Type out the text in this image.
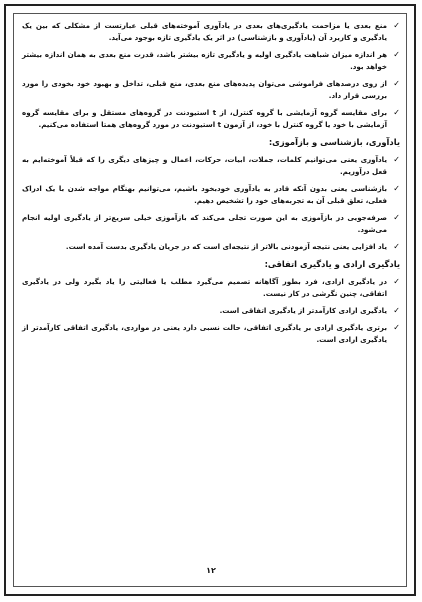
✓
منع بعدی یا مزاحمت یادگیری‌های بعدی در یادآوری آموخته‌های قبلی عبارتست از مشکلی که بین یک یادگیری و کاربرد آن (یادآوری و بازشناسی) در اثر یک یادگیری تازه بوجود می‌آید.
✓
هر اندازه میزان شباهت یادگیری اولیه و یادگیری تازه بیشتر باشد، قدرت منع بعدی به همان اندازه بیشتر خواهد بود.
✓
از روی درصدهای فراموشی می‌توان پدیده‌های منع بعدی، منع قبلی، تداخل و بهبود خود بخودی را مورد بررسی قرار داد.
✓
برای مقایسه گروه آزمایشی با گروه کنترل، از t استیودنت در گروه‌های مستقل و برای مقایسه گروه آزمایشی با خود یا گروه کنترل با خود، از آزمون t استیودنت در مورد گروه‌های همتا استفاده می‌کنیم.
یادآوری، بازشناسی و بازآموزی:
✓
یادآوری یعنی می‌توانیم کلمات، جملات، ابیات، حرکات، اعمال و چیزهای دیگری را که قبلاً آموخته‌ایم به قعل درآوریم.
✓
بازشناسی یعنی بدون آنکه قادر به یادآوری خودبخود باشیم، می‌توانیم بهنگام مواجه شدن با یک ادراک فعلی، تعلق قبلی آن به تجربه‌های خود را تشخیص دهیم.
✓
صرفه‌جویی در بازآموزی به این صورت تجلی می‌کند که بازآموزی خیلی سریع‌تر از یادگیری اولیه انجام می‌شود.
✓
یاد افزایی یعنی نتیجه آزمودنی بالاتر از نتیجه‌ای است که در جریان یادگیری بدست آمده است.
یادگیری ارادی و یادگیری اتفاقی:
✓
در یادگیری ارادی، فرد بطور آگاهانه تصمیم می‌گیرد مطلب یا فعالیتی را یاد بگیرد ولی در یادگیری اتفاقی، چنین نگرشی در کار نیست.
✓
یادگیری ارادی کارآمدتر از یادگیری اتفاقی است.
✓
برتری یادگیری ارادی بر یادگیری اتفاقی، حالت نسبی دارد یعنی در مواردی، یادگیری اتفاقی کارآمدتر از یادگیری ارادی است.
۱۲
